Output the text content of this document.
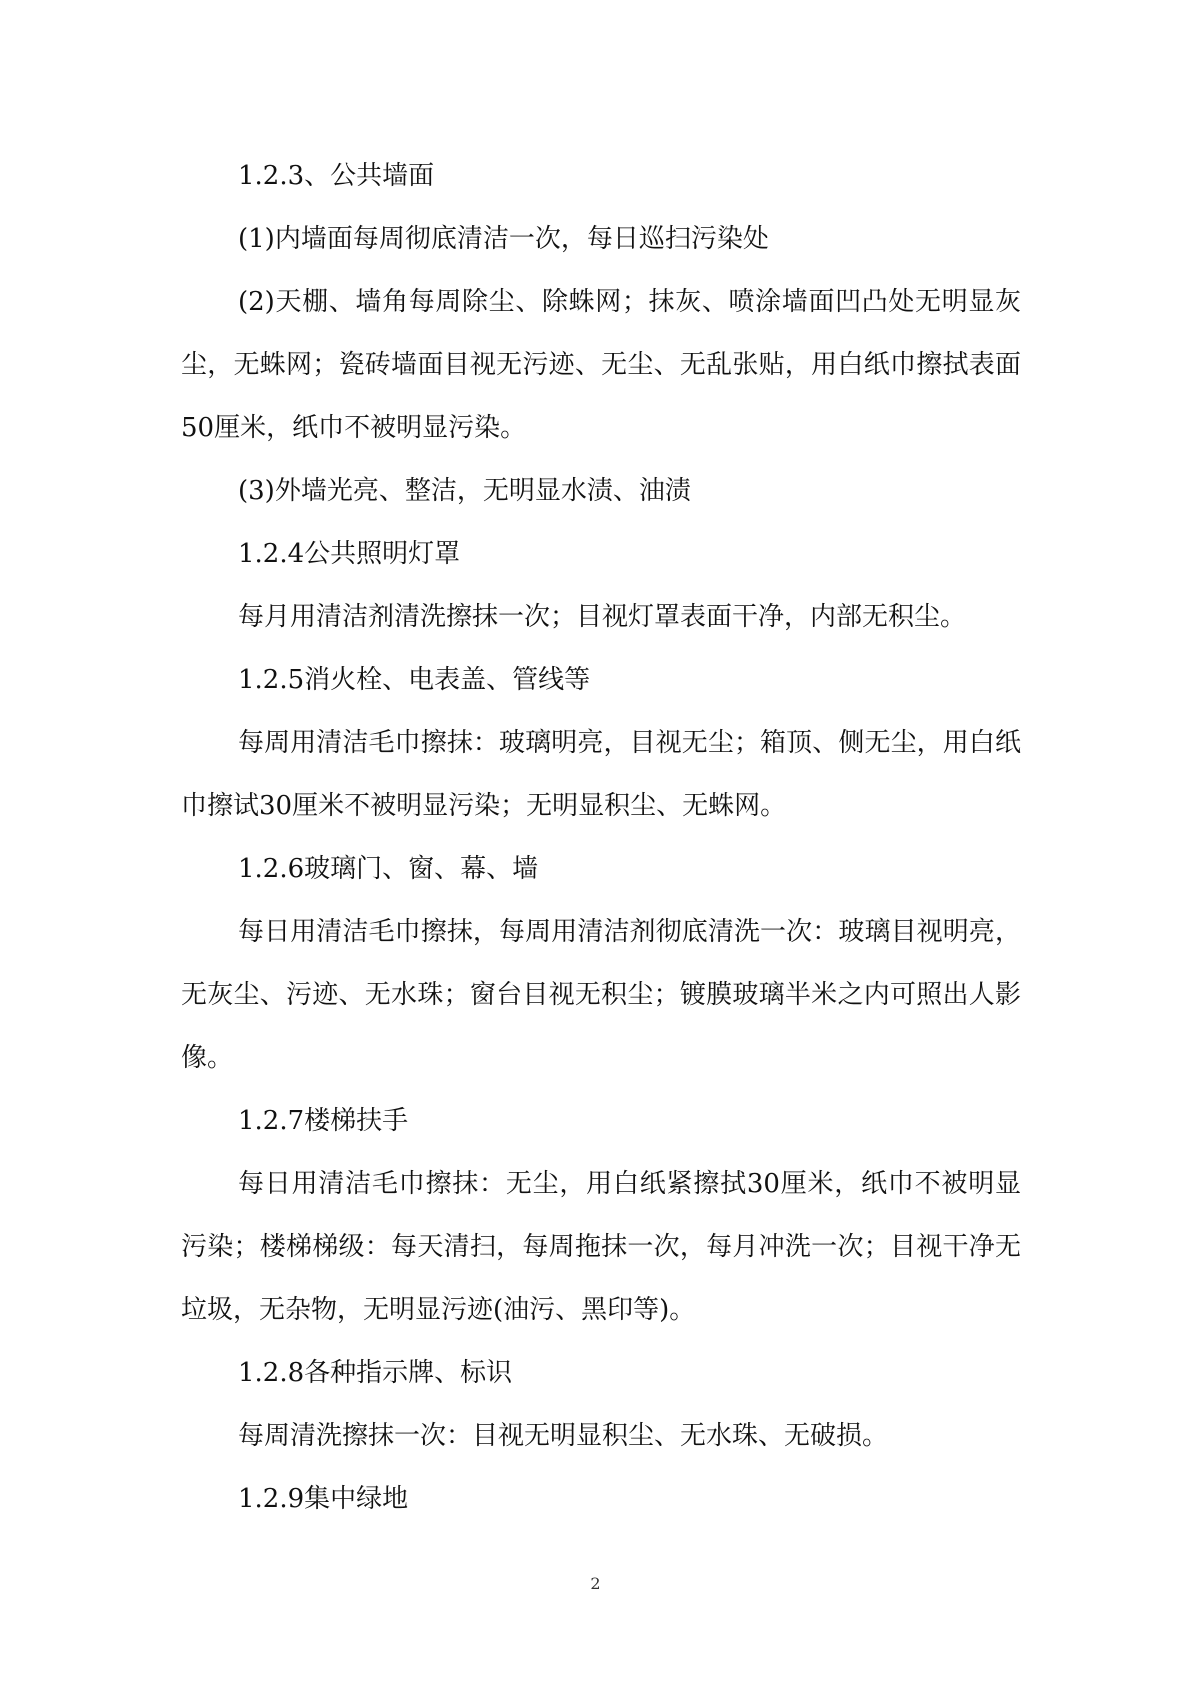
1.2.3、公共墙面

(1)内墙面每周彻底清洁一次，每日巡扫污染处

(2)天棚、墙角每周除尘、除蛛网；抹灰、喷涂墙面凹凸处无明显灰尘，无蛛网；瓷砖墙面目视无污迹、无尘、无乱张贴，用白纸巾擦拭表面50厘米，纸巾不被明显污染。

(3)外墙光亮、整洁，无明显水渍、油渍

1.2.4公共照明灯罩

每月用清洁剂清洗擦抹一次；目视灯罩表面干净，内部无积尘。

1.2.5消火栓、电表盖、管线等

每周用清洁毛巾擦抹：玻璃明亮，目视无尘；箱顶、侧无尘，用白纸巾擦试30厘米不被明显污染；无明显积尘、无蛛网。

1.2.6玻璃门、窗、幕、墙

每日用清洁毛巾擦抹，每周用清洁剂彻底清洗一次：玻璃目视明亮，无灰尘、污迹、无水珠；窗台目视无积尘；镀膜玻璃半米之内可照出人影像。

1.2.7楼梯扶手

每日用清洁毛巾擦抹：无尘，用白纸紧擦拭30厘米，纸巾不被明显污染；楼梯梯级：每天清扫，每周拖抹一次，每月冲洗一次；目视干净无垃圾，无杂物，无明显污迹(油污、黑印等)。

1.2.8各种指示牌、标识

每周清洗擦抹一次：目视无明显积尘、无水珠、无破损。

1.2.9集中绿地

2
